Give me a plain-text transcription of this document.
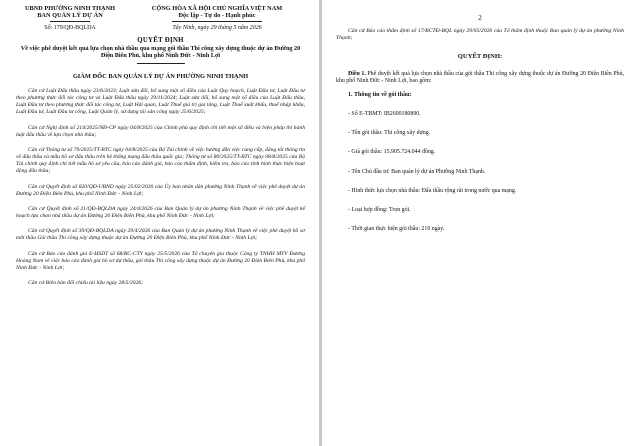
UBND PHƯỜNG NINH THẠNH
BAN QUẢN LÝ DỰ ÁN
CỘNG HÒA XÃ HỘI CHỦ NGHĨA VIỆT NAM
Độc lập - Tự do - Hạnh phúc
Số: 179/QĐ-BQLDA	Tây Ninh, ngày 29 tháng 5 năm 2026
QUYẾT ĐỊNH
Về việc phê duyệt kết quả lựa chọn nhà thầu qua mạng gói thầu Thi công xây dựng thuộc dự án Đường 20 Điện Biên Phủ, khu phố Ninh Đức - Ninh Lợi
GIÁM ĐỐC BAN QUẢN LÝ DỰ ÁN PHƯỜNG NINH THẠNH

Căn cứ Luật Đấu thầu ngày 23/6/2023; Luật sửa đổi, bổ sung một số điều của Luật Quy hoạch, Luật Đầu tư, Luật Đầu tư theo phương thức đối tác công tư và Luật Đấu thầu ngày 29/11/2024; Luật sửa đổi, bổ sung một số điều của Luật Đấu thầu, Luật Đầu tư theo phương thức đối tác công tư, Luật Hải quan, Luật Thuế giá trị gia tăng, Luật Thuế xuất khẩu, thuế nhập khẩu, Luật Đầu tư, Luật Đầu tư công, Luật Quản lý, sử dụng tài sản công ngày 25/6/2025;

Căn cứ Nghị định số 214/2025/NĐ-CP ngày 04/8/2025 của Chính phủ quy định chi tiết một số điều và biện pháp thi hành luật đấu thầu về lựa chọn nhà thầu;

Căn cứ Thông tư số 79/2025/TT-BTC ngày 04/8/2025 của Bộ Tài chính về việc hướng dẫn việc cung cấp, đăng tải thông tin về đấu thầu và mẫu hồ sơ đấu thầu trên hệ thống mạng đấu thầu quốc gia; Thông tư số 80/2025/TT-BTC ngày 08/8/2025 của Bộ Tài chính quy định chi tiết mẫu hồ sơ yêu cầu, báo cáo đánh giá, báo cáo thẩm định, kiểm tra, báo cáo tình hình thực hiện hoạt động đấu thầu;

Căn cứ Quyết định số 820/QĐ-UBND ngày 25/02/2026 của Ủy ban nhân dân phường Ninh Thạnh về việc phê duyệt dự án Đường 20 Điện Biên Phủ, khu phố Ninh Đức - Ninh Lợi;

Căn cứ Quyết định số 21/QĐ-BQLDA ngày 24/4/2026 của Ban Quản lý dự án phường Ninh Thạnh về việc phê duyệt kế hoạch lựa chọn nhà thầu dự án Đường 20 Điện Biên Phủ, khu phố Ninh Đức - Ninh Lợi;

Căn cứ Quyết định số 39/QĐ-BQLDA ngày 29/4/2026 của Ban Quản lý dự án phường Ninh Thạnh về việc phê duyệt hồ sơ mời thầu Gói thầu Thi công xây dựng thuộc dự án Đường 20 Điện Biên Phủ, khu phố Ninh Đức - Ninh Lợi;

Căn cứ Báo cáo đánh giá E-HSDT số 68/BC-CTY ngày 25/5/2026 của Tổ chuyên gia thuộc Công ty TNHH MTV Đương Hoàng Nam về việc báo cáo đánh giá hồ sơ dự thầu, gói thầu Thi công xây dựng thuộc dự án Đường 20 Điện Biên Phủ, khu phố Ninh Đức - Ninh Lợi;

Căn cứ Biên bản đối chiếu tài liệu ngày 28/5/2026;

2

Căn cứ Báo cáo thẩm định số 17/BCTĐ-BQL ngày 29/05/2026 của Tổ thẩm định thuộc Ban quản lý dự án phường Ninh Thạnh;

QUYẾT ĐỊNH:

Điều 1. Phê duyệt kết quả lựa chọn nhà thầu của gói thầu Thi công xây dựng thuộc dự án Đường 20 Điện Biên Phủ, khu phố Ninh Đức - Ninh Lợi, bao gồm:

1. Thông tin về gói thầu:
- Số E-TBMT: IB2600180890.
- Tên gói thầu: Thi công xây dựng.
- Giá gói thầu: 15.905.724.044 đồng.
- Tên Chủ đầu tư: Ban quản lý dự án Phường Ninh Thạnh.
- Hình thức lựa chọn nhà thầu: Đấu thầu rộng rãi trong nước qua mạng.
- Loại hợp đồng: Trọn gói.
- Thời gian thực hiện gói thầu: 210 ngày.
